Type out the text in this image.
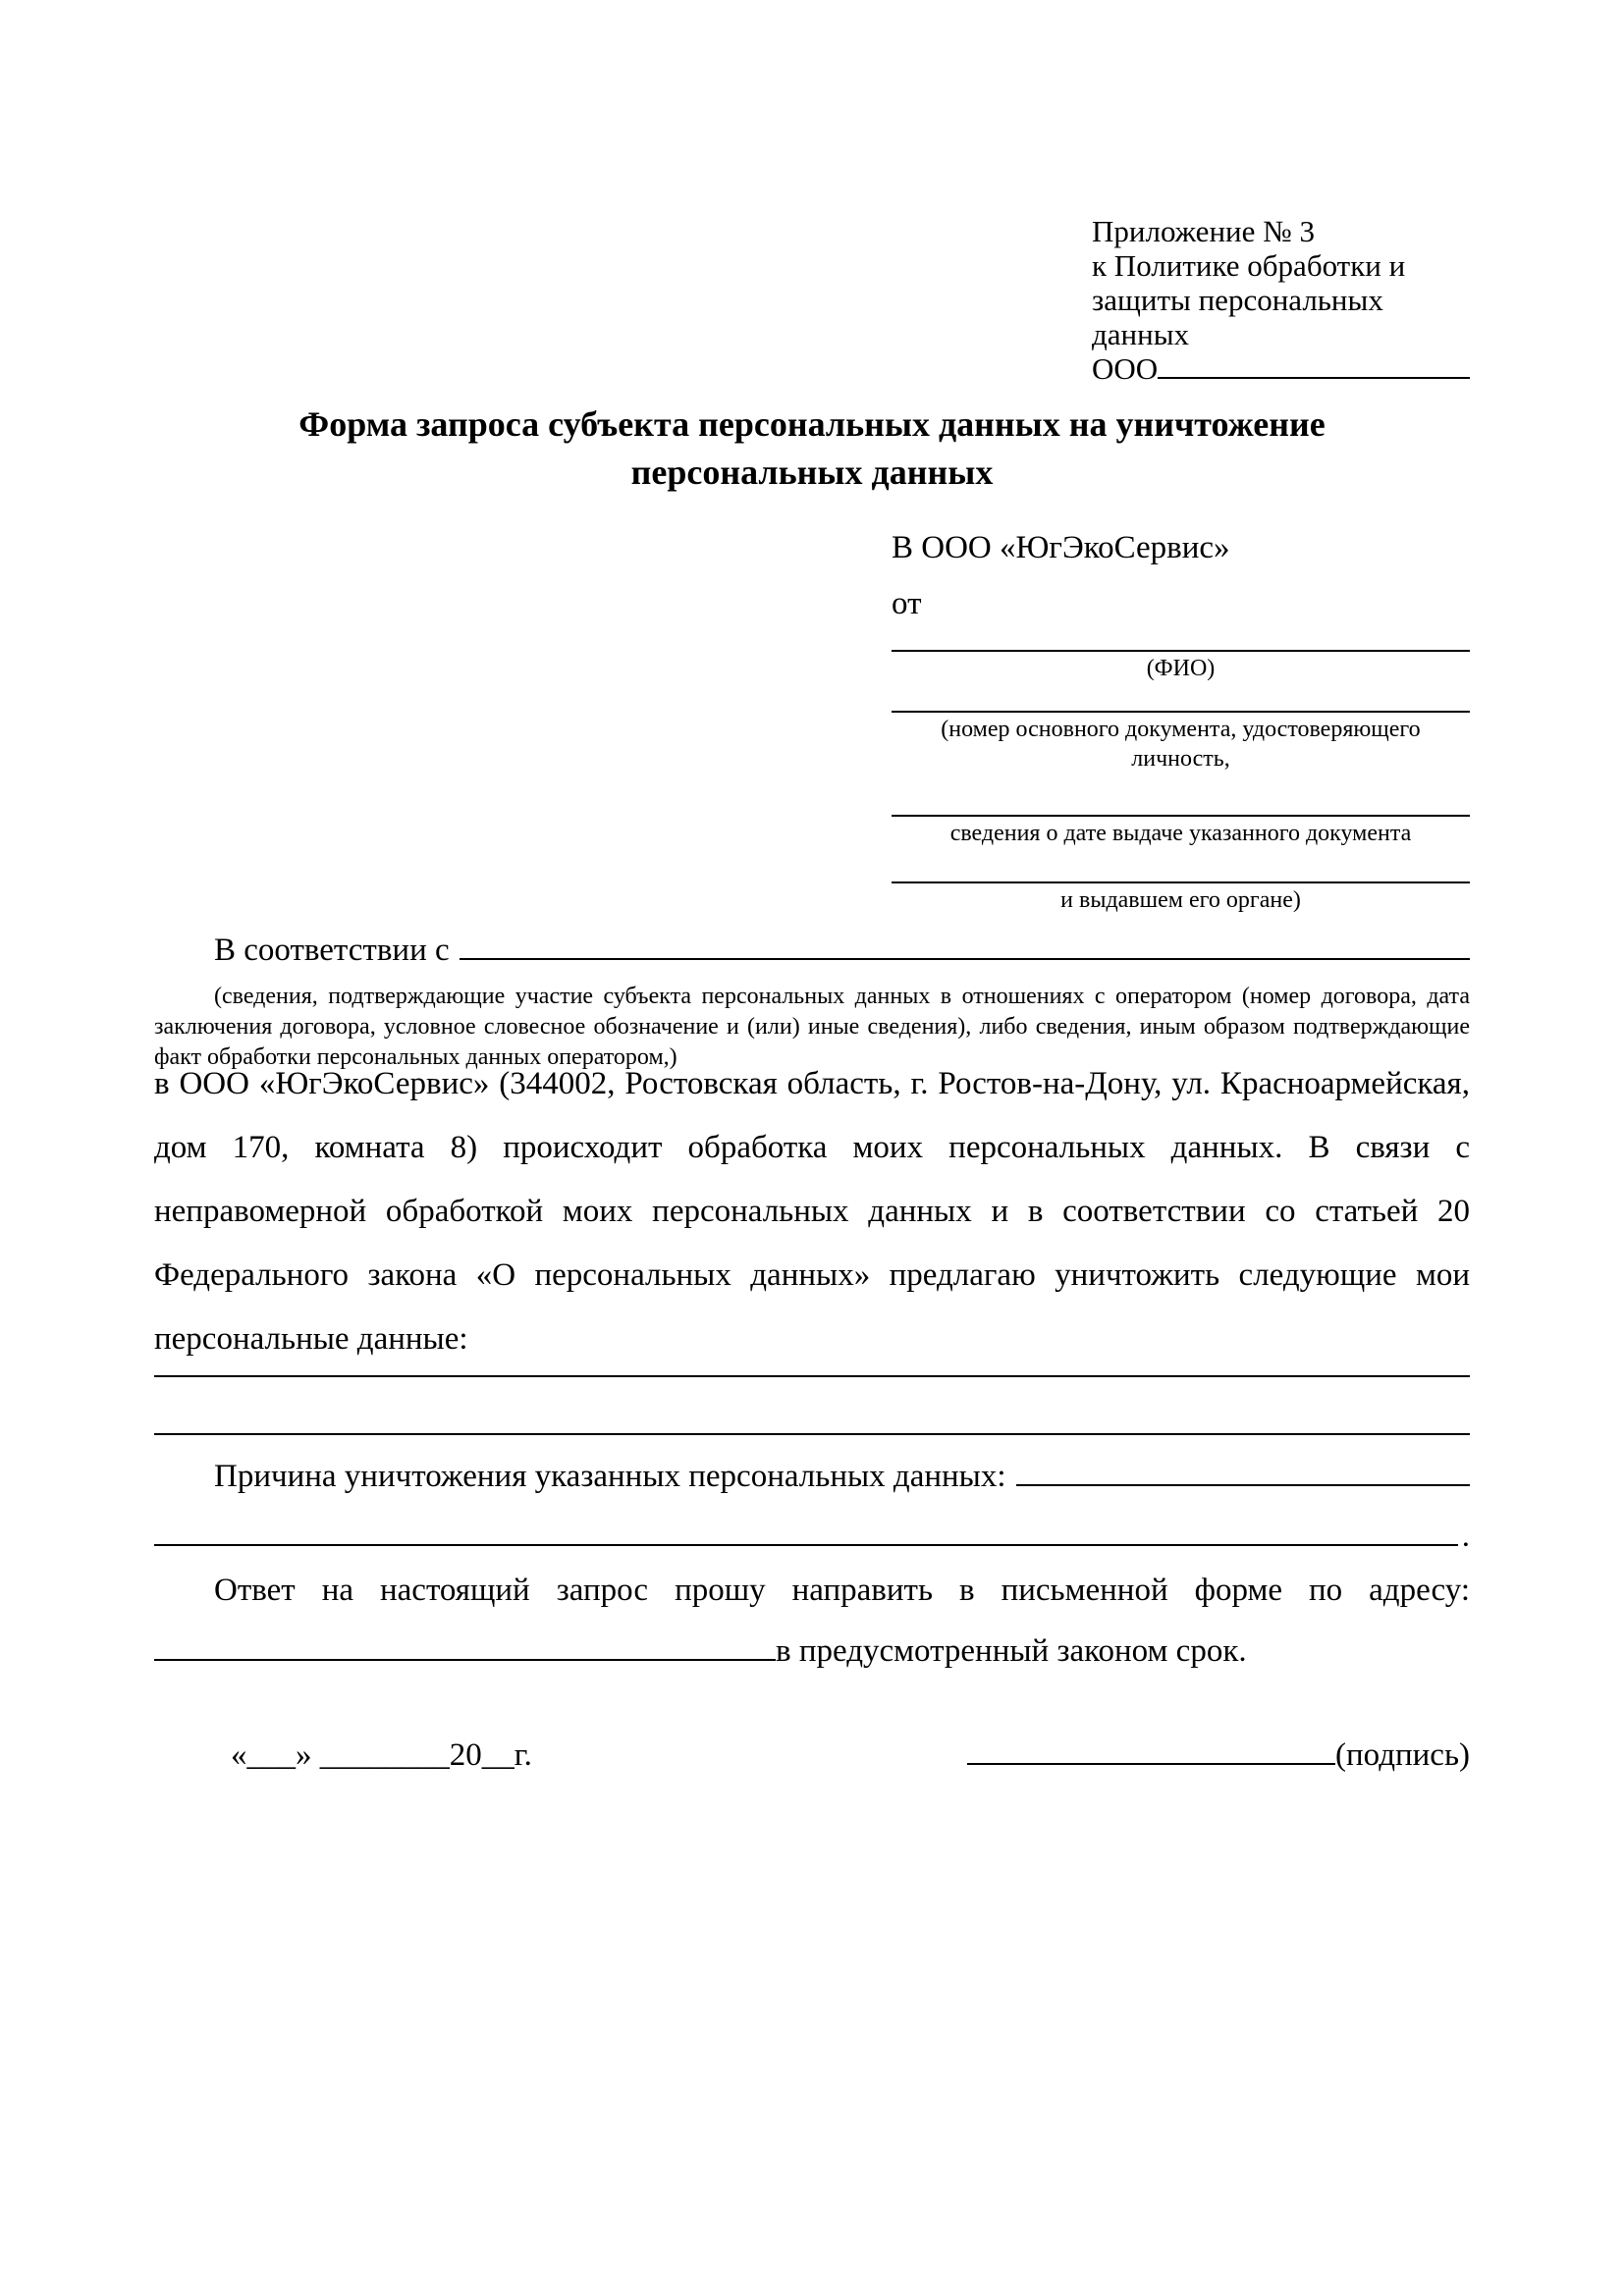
Приложение № 3
к Политике обработки и
защиты персональных данных
ООО
Форма запроса субъекта персональных данных на уничтожение
персональных данных
В ООО «ЮгЭкоСервис»
от
(ФИО)
(номер основного документа, удостоверяющего личность,
сведения о дате выдаче указанного документа
и выдавшем его органе)
В соответствии с
(сведения, подтверждающие участие субъекта персональных данных в отношениях с оператором (номер договора, дата заключения договора, условное словесное обозначение и (или) иные сведения), либо сведения, иным образом подтверждающие факт обработки персональных данных оператором,)
в ООО «ЮгЭкоСервис» (344002, Ростовская область, г. Ростов-на-Дону, ул. Красноармейская, дом 170, комната 8) происходит обработка моих персональных данных. В связи с неправомерной обработкой моих персональных данных и в соответствии со статьей 20 Федерального закона «О персональных данных» предлагаю уничтожить следующие мои персональные данные:
Причина уничтожения указанных персональных данных:
.
Ответ на настоящий запрос прошу направить в письменной форме по адресу:
в предусмотренный законом срок.
«___» ________20__г.	(подпись)
